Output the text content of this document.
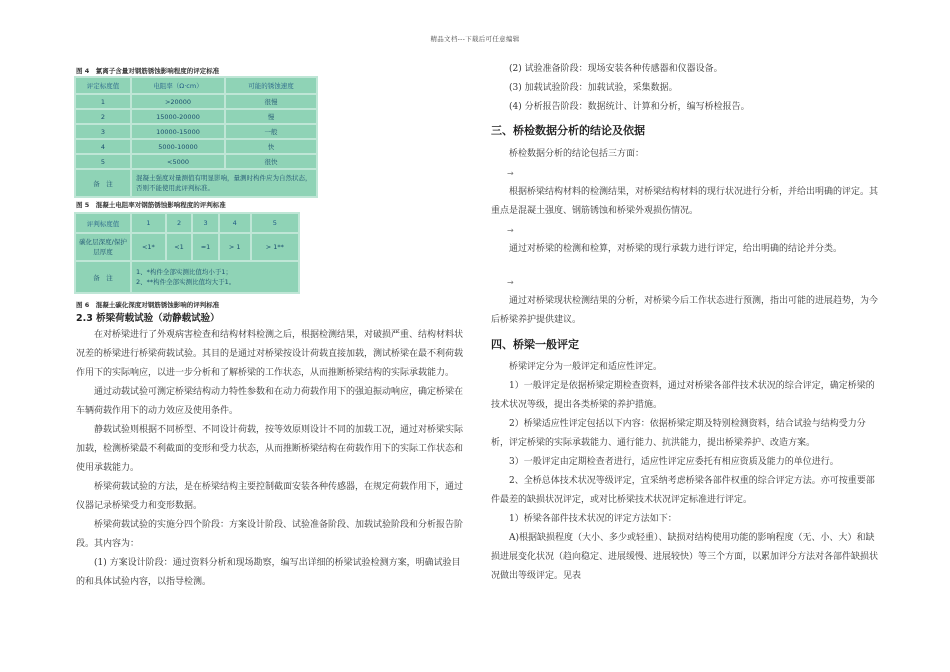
精品文档---下载后可任意编辑
图 4　氯离子含量对钢筋锈蚀影响程度的评定标准
评定标度值	电阻率（Ω·cm）	可能的锈蚀速度
1	>20000	很慢
2	15000-20000	慢
3	10000-15000	一般
4	5000-10000	快
5	<5000	很快
备　注	混凝土强度对量测值有明显影响，量测时构件应为自然状态，否则不能使用此评判标准。	
图 5　混凝土电阻率对钢筋锈蚀影响程度的评判标准
评判标度值	1	2	3	4	5
碳化层深度/保护层厚度	<1*	<1	≈1	> 1	> 1**
备　注	1、*构件全部实测比值均小于1；
2、**构件全部实测比值均大于1。				
图 6　混凝土碳化深度对钢筋锈蚀影响的评判标准
2.3 桥梁荷载试验（动静载试验）

在对桥梁进行了外观病害检查和结构材料检测之后，根据检测结果，对破损严重、结构材料状况差的桥梁进行桥梁荷载试验。其目的是通过对桥梁按设计荷载直接加载，测试桥梁在最不利荷载作用下的实际响应，以进一步分析和了解桥梁的工作状态，从而推断桥梁结构的实际承载能力。

通过动载试验可测定桥梁结构动力特性参数和在动力荷载作用下的强迫振动响应，确定桥梁在车辆荷载作用下的动力效应及使用条件。

静载试验则根据不同桥型、不同设计荷载，按等效原则设计不同的加载工况，通过对桥梁实际加载，检测桥梁最不利截面的变形和受力状态，从而推断桥梁结构在荷载作用下的实际工作状态和使用承载能力。

桥梁荷载试验的方法，是在桥梁结构主要控制截面安装各种传感器，在规定荷载作用下，通过仪器记录桥梁受力和变形数据。

桥梁荷载试验的实施分四个阶段：方案设计阶段、试验准备阶段、加载试验阶段和分析报告阶段。其内容为：

(1) 方案设计阶段：通过资料分析和现场勘察，编写出详细的桥梁试验检测方案，明确试验目的和具体试验内容，以指导检测。

(2) 试验准备阶段：现场安装各种传感器和仪器设备。

(3) 加载试验阶段：加载试验，采集数据。

(4) 分析报告阶段：数据统计、计算和分析，编写桥检报告。

三、桥检数据分析的结论及依据

桥检数据分析的结论包括三方面：

→

根据桥梁结构材料的检测结果，对桥梁结构材料的现行状况进行分析，并给出明确的评定。其重点是混凝土强度、钢筋锈蚀和桥梁外观损伤情况。

→

通过对桥梁的检测和检算，对桥梁的现行承载力进行评定，给出明确的结论并分类。

→

通过对桥梁现状检测结果的分析，对桥梁今后工作状态进行预测，指出可能的进展趋势，为今后桥梁养护提供建议。

四、桥梁一般评定

桥梁评定分为一般评定和适应性评定。

1）一般评定是依据桥梁定期检查资料，通过对桥梁各部件技术状况的综合评定，确定桥梁的技术状况等级，提出各类桥梁的养护措施。

2）桥梁适应性评定包括以下内容：依据桥梁定期及特别检测资料，结合试验与结构受力分析，评定桥梁的实际承载能力、通行能力、抗洪能力，提出桥梁养护、改造方案。

3）一般评定由定期检查者进行，适应性评定应委托有相应资质及能力的单位进行。

2、全桥总体技术状况等级评定，宜采纳考虑桥梁各部件权重的综合评定方法。亦可按重要部件最差的缺损状况评定，或对比桥梁技术状况评定标准进行评定。

1）桥梁各部件技术状况的评定方法如下：

A)根据缺损程度（大小、多少或轻重）、缺损对结构使用功能的影响程度（无、小、大）和缺损进展变化状况（趋向稳定、进展缓慢、进展较快）等三个方面，以累加评分方法对各部件缺损状况做出等级评定。见表
